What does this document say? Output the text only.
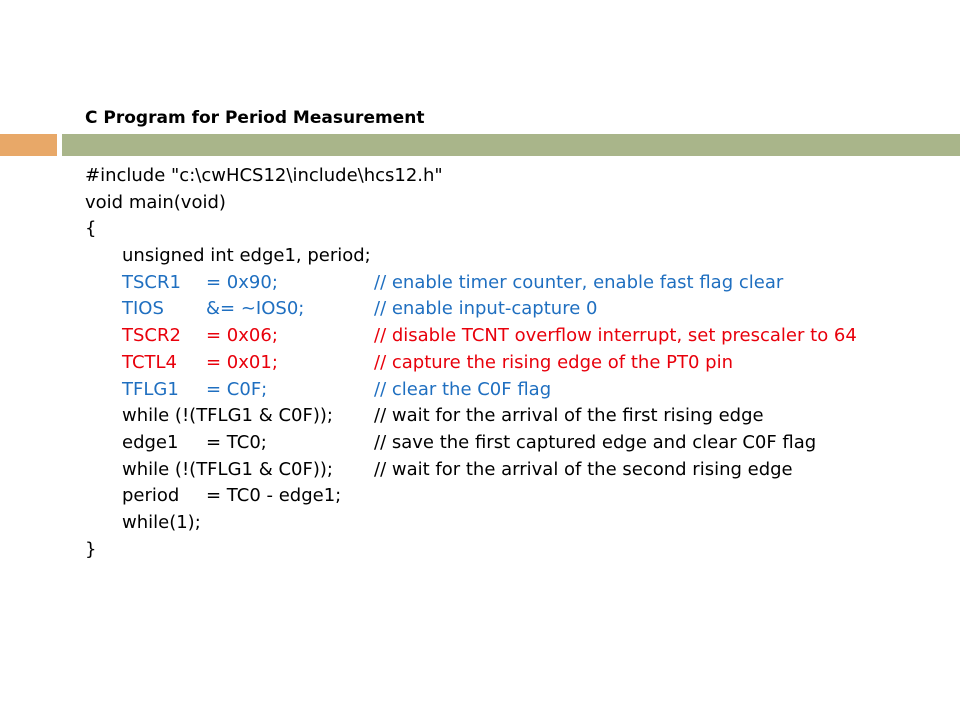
C Program for Period Measurement
#include "c:\cwHCS12\include\hcs12.h"
void main(void)
{
unsigned int edge1, period;
TSCR1 = 0x90;	// enable timer counter, enable fast flag clear
TIOS &= ~IOS0;	// enable input-capture 0
TSCR2 = 0x06;	// disable TCNT overflow interrupt, set prescaler to 64
TCTL4 = 0x01;	// capture the rising edge of the PT0 pin
TFLG1 = C0F;	// clear the C0F flag
while (!(TFLG1 & C0F)); // wait for the arrival of the first rising edge
edge1 = TC0;	// save the first captured edge and clear C0F flag
while (!(TFLG1 & C0F)); // wait for the arrival of the second rising edge
period = TC0 - edge1;
while(1);
}
